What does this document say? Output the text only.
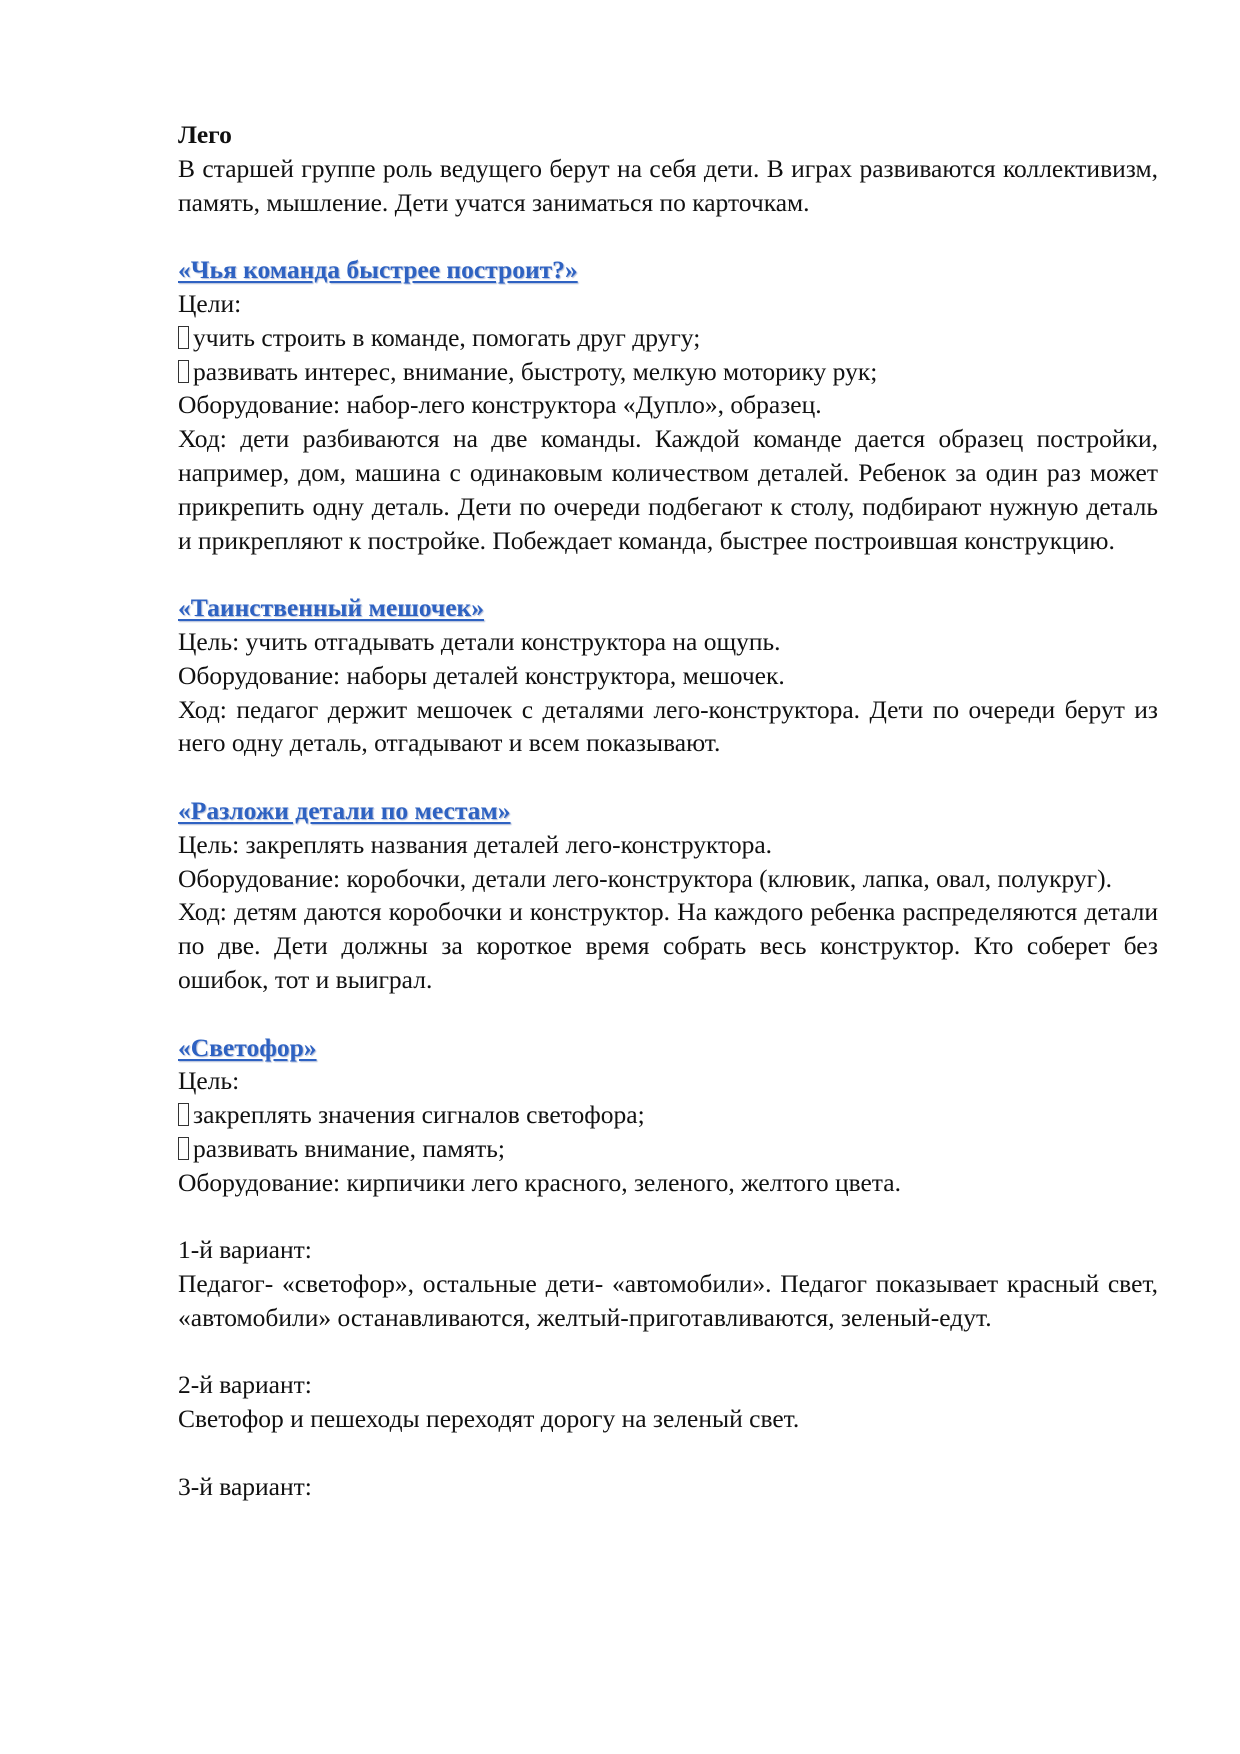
Лего

В старшей группе роль ведущего берут на себя дети. В играх развиваются коллективизм, память, мышление. Дети учатся заниматься по карточкам.

«Чья команда быстрее построит?»

Цели:

учить строить в команде, помогать друг другу;

развивать интерес, внимание, быстроту, мелкую моторику рук;

Оборудование: набор-лего конструктора «Дупло», образец.

Ход: дети разбиваются на две команды. Каждой команде дается образец постройки, например, дом, машина с одинаковым количеством деталей. Ребенок за один раз может прикрепить одну деталь. Дети по очереди подбегают к столу, подбирают нужную деталь и прикрепляют к постройке. Побеждает команда, быстрее построившая конструкцию.

«Таинственный мешочек»

Цель: учить отгадывать детали конструктора на ощупь.

Оборудование: наборы деталей конструктора, мешочек.

Ход: педагог держит мешочек с деталями лего-конструктора. Дети по очереди берут из него одну деталь, отгадывают и всем показывают.

«Разложи детали по местам»

Цель: закреплять названия деталей лего-конструктора.

Оборудование: коробочки, детали лего-конструктора (клювик, лапка, овал, полукруг).

Ход: детям даются коробочки и конструктор. На каждого ребенка распределяются детали по две. Дети должны за короткое время собрать весь конструктор. Кто соберет без ошибок, тот и выиграл.

«Светофор»

Цель:

закреплять значения сигналов светофора;

развивать внимание, память;

Оборудование: кирпичики лего красного, зеленого, желтого цвета.

1-й вариант:

Педагог- «светофор», остальные дети- «автомобили». Педагог показывает красный свет, «автомобили» останавливаются, желтый-приготавливаются, зеленый-едут.

2-й вариант:

Светофор и пешеходы переходят дорогу на зеленый свет.

3-й вариант:
